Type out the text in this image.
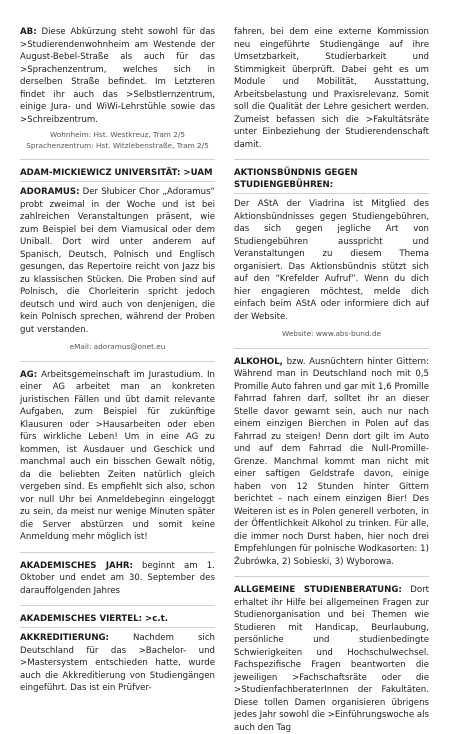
AB: Diese Abkürzung steht sowohl für das >Studierendenwohnheim am Westende der August-Bebel-Straße als auch für das >Sprachenzentrum, welches sich in derselben Straße befindet. Im Letzteren findet ihr auch das >Selbstlernzentrum, einige Jura- und WiWi-Lehrstühle sowie das >Schreibzentrum.

Wohnheim: Hst. Westkreuz, Tram 2/5
Sprachenzentrum: Hst. Witzlebenstraße, Tram 2/5
ADAM-MICKIEWICZ UNIVERSITÄT: >UAM

ADORAMUS: Der Słubicer Chor „Adoramus“ probt zweimal in der Woche und ist bei zahlreichen Veranstaltungen präsent, wie zum Beispiel bei dem Viamusical oder dem Uniball. Dort wird unter anderem auf Spanisch, Deutsch, Polnisch und Englisch gesungen, das Repertoire reicht von Jazz bis zu klassischen Stücken. Die Proben sind auf Polnisch, die Chorleiterin spricht jedoch deutsch und wird auch von denjenigen, die kein Polnisch sprechen, während der Proben gut verstanden.

eMail: adoramus@onet.eu

AG: Arbeitsgemeinschaft im Jurastudium. In einer AG arbeitet man an konkreten juristischen Fällen und übt damit relevante Aufgaben, zum Beispiel für zukünftige Klausuren oder >Hausarbeiten oder eben fürs wirkliche Leben! Um in eine AG zu kommen, ist Ausdauer und Geschick und manchmal auch ein bisschen Gewalt nötig, da die beliebten Zeiten natürlich gleich vergeben sind. Es empfiehlt sich also, schon vor null Uhr bei Anmeldebeginn eingeloggt zu sein, da meist nur wenige Minuten später die Server abstürzen und somit keine Anmeldung mehr möglich ist!

AKADEMISCHES JAHR: beginnt am 1. Oktober und endet am 30. September des darauffolgenden Jahres

AKADEMISCHES VIERTEL: >c.t.

AKKREDITIERUNG: Nachdem sich Deutschland für das >Bachelor- und >Mastersystem entschieden hatte, wurde auch die Akkreditierung von Studiengängen eingeführt. Das ist ein Prüfver-

fahren, bei dem eine externe Kommission neu eingeführte Studiengänge auf ihre Umsetzbarkeit, Studierbarkeit und Stimmigkeit überprüft. Dabei geht es um Module und Mobilität, Ausstattung, Arbeitsbelastung und Praxisrelevanz. Somit soll die Qualität der Lehre gesichert werden. Zumeist befassen sich die >Fakultätsräte unter Einbeziehung der Studierendenschaft damit.

AKTIONSBÜNDNIS GEGEN STUDIENGEBÜHREN:

Der AStA der Viadrina ist Mitglied des Aktionsbündnisses gegen Studiengebühren, das sich gegen jegliche Art von Studiengebühren ausspricht und Veranstaltungen zu diesem Thema organisiert. Das Aktionsbündnis stützt sich auf den “Krefelder Aufruf”. Wenn du dich hier engagieren möchtest, melde dich einfach beim AStA oder informiere dich auf der Website.

Website: www.abs-bund.de

ALKOHOL, bzw. Ausnüchtern hinter Gittern: Während man in Deutschland noch mit 0,5 Promille Auto fahren und gar mit 1,6 Promille Fahrrad fahren darf, solltet ihr an dieser Stelle davor gewarnt sein, auch nur nach einem einzigen Bierchen in Polen auf das Fahrrad zu steigen! Denn dort gilt im Auto und auf dem Fahrrad die Null-Promille-Grenze. Manchmal kommt man nicht mit einer saftigen Geldstrafe davon, einige haben von 12 Stunden hinter Gittern berichtet – nach einem einzigen Bier! Des Weiteren ist es in Polen generell verboten, in der Öffentlichkeit Alkohol zu trinken. Für alle, die immer noch Durst haben, hier noch drei Empfehlungen für polnische Wodkasorten: 1) Żubrówka, 2) Sobieski, 3) Wyborowa.

ALLGEMEINE STUDIENBERATUNG: Dort erhaltet ihr Hilfe bei allgemeinen Fragen zur Studienorganisation und bei Themen wie Studieren mit Handicap, Beurlaubung, persönliche und studienbedingte Schwierigkeiten und Hochschulwechsel. Fachspezifische Fragen beantworten die jeweiligen >Fachschaftsräte oder die >StudienfachberaterInnen der Fakultäten. Diese tollen Damen organisieren übrigens jedes Jahr sowohl die >Einführungswoche als auch den Tag
